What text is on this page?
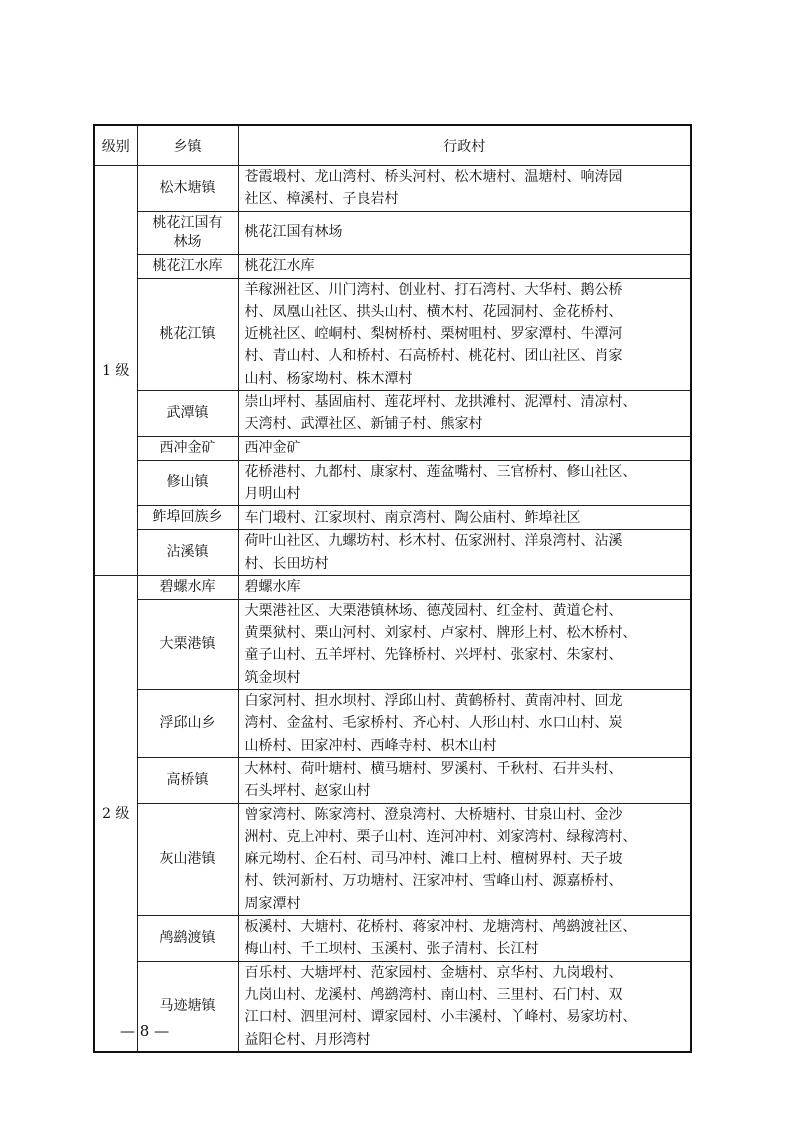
级别	乡镇	行政村
1 级	松木塘镇	苍霞塅村、龙山湾村、桥头河村、松木塘村、温塘村、响涛园
社区、樟溪村、子良岩村

	桃花江国有
林场	桃花江国有林场

	桃花江水库	桃花江水库

	桃花江镇	羊稼洲社区、川门湾村、创业村、打石湾村、大华村、鹅公桥
村、凤凰山社区、拱头山村、横木村、花园洞村、金花桥村、
近桃社区、崆峒村、梨树桥村、栗树咀村、罗家潭村、牛潭河
村、青山村、人和桥村、石高桥村、桃花村、团山社区、肖家
山村、杨家坳村、株木潭村

	武潭镇	崇山坪村、基固庙村、莲花坪村、龙拱滩村、泥潭村、清凉村、
天湾村、武潭社区、新铺子村、熊家村

	西冲金矿	西冲金矿

	修山镇	花桥港村、九都村、康家村、莲盆嘴村、三官桥村、修山社区、
月明山村

	鲊埠回族乡	车门塅村、江家坝村、南京湾村、陶公庙村、鲊埠社区

	沾溪镇	荷叶山社区、九螺坊村、杉木村、伍家洲村、洋泉湾村、沾溪
村、长田坊村

2 级	碧螺水库	碧螺水库

	大栗港镇	大栗港社区、大栗港镇林场、德茂园村、红金村、黄道仑村、
黄栗狱村、栗山河村、刘家村、卢家村、牌形上村、松木桥村、
童子山村、五羊坪村、先锋桥村、兴坪村、张家村、朱家村、
筑金坝村

	浮邱山乡	白家河村、担水坝村、浮邱山村、黄鹤桥村、黄南冲村、回龙
湾村、金盆村、毛家桥村、齐心村、人形山村、水口山村、炭
山桥村、田家冲村、西峰寺村、枳木山村

	高桥镇	大林村、荷叶塘村、横马塘村、罗溪村、千秋村、石井头村、
石头坪村、赵家山村

	灰山港镇	曾家湾村、陈家湾村、澄泉湾村、大桥塘村、甘泉山村、金沙
洲村、克上冲村、栗子山村、连河冲村、刘家湾村、绿稼湾村、
麻元坳村、企石村、司马冲村、滩口上村、檀树界村、天子坡
村、铁河新村、万功塘村、汪家冲村、雪峰山村、源嘉桥村、
周家潭村

	鸬鹚渡镇	板溪村、大塘村、花桥村、蒋家冲村、龙塘湾村、鸬鹚渡社区、
梅山村、千工坝村、玉溪村、张子清村、长江村

	马迹塘镇	百乐村、大塘坪村、范家园村、金塘村、京华村、九岗塅村、
九岗山村、龙溪村、鸬鹚湾村、南山村、三里村、石门村、双
江口村、泗里河村、谭家园村、小丰溪村、丫峰村、易家坊村、
益阳仑村、月形湾村
— 8 —
